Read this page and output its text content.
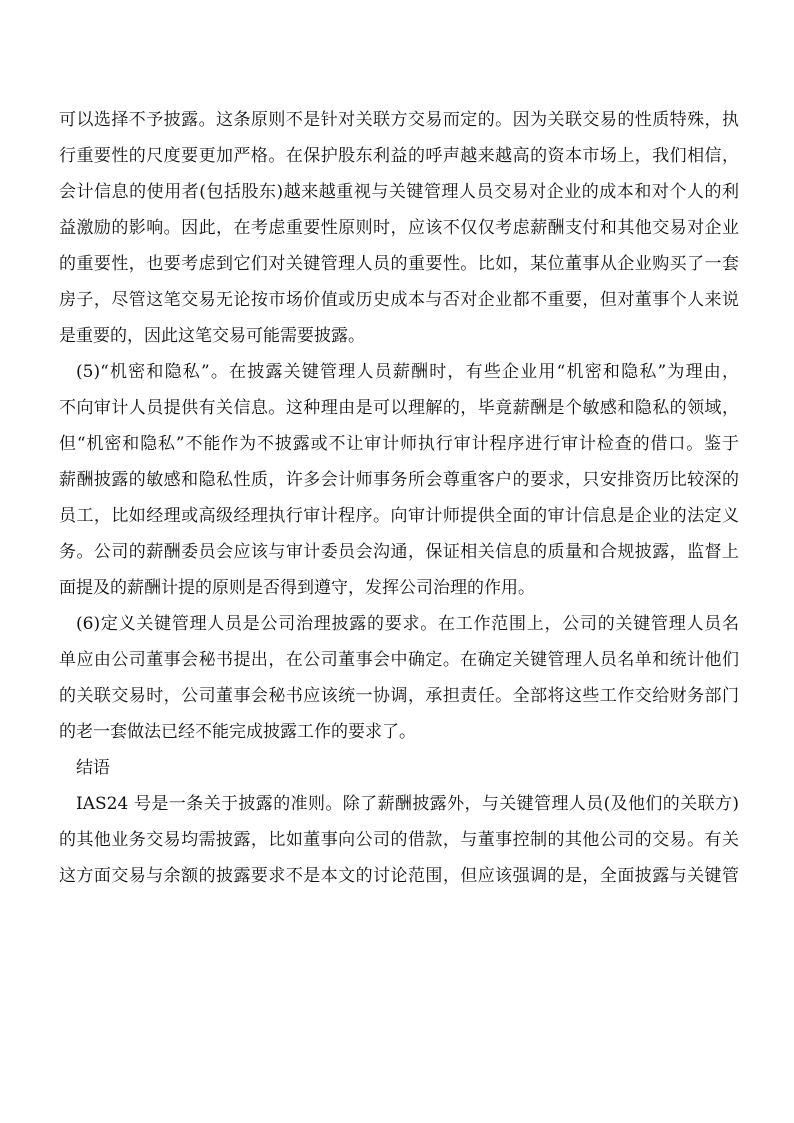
可以选择不予披露。这条原则不是针对关联方交易而定的。因为关联交易的性质特殊，执
行重要性的尺度要更加严格。在保护股东利益的呼声越来越高的资本市场上，我们相信，
会计信息的使用者(包括股东)越来越重视与关键管理人员交易对企业的成本和对个人的利
益激励的影响。因此，在考虑重要性原则时，应该不仅仅考虑薪酬支付和其他交易对企业
的重要性，也要考虑到它们对关键管理人员的重要性。比如，某位董事从企业购买了一套
房子，尽管这笔交易无论按市场价值或历史成本与否对企业都不重要，但对董事个人来说
是重要的，因此这笔交易可能需要披露。
(5)“机密和隐私”。在披露关键管理人员薪酬时，有些企业用“机密和隐私”为理由，
不向审计人员提供有关信息。这种理由是可以理解的，毕竟薪酬是个敏感和隐私的领域，
但“机密和隐私”不能作为不披露或不让审计师执行审计程序进行审计检查的借口。鉴于
薪酬披露的敏感和隐私性质，许多会计师事务所会尊重客户的要求，只安排资历比较深的
员工，比如经理或高级经理执行审计程序。向审计师提供全面的审计信息是企业的法定义
务。公司的薪酬委员会应该与审计委员会沟通，保证相关信息的质量和合规披露，监督上
面提及的薪酬计提的原则是否得到遵守，发挥公司治理的作用。
(6)定义关键管理人员是公司治理披露的要求。在工作范围上，公司的关键管理人员名
单应由公司董事会秘书提出，在公司董事会中确定。在确定关键管理人员名单和统计他们
的关联交易时，公司董事会秘书应该统一协调，承担责任。全部将这些工作交给财务部门
的老一套做法已经不能完成披露工作的要求了。
结语
IAS24 号是一条关于披露的准则。除了薪酬披露外，与关键管理人员(及他们的关联方)
的其他业务交易均需披露，比如董事向公司的借款，与董事控制的其他公司的交易。有关
这方面交易与余额的披露要求不是本文的讨论范围，但应该强调的是，全面披露与关键管
